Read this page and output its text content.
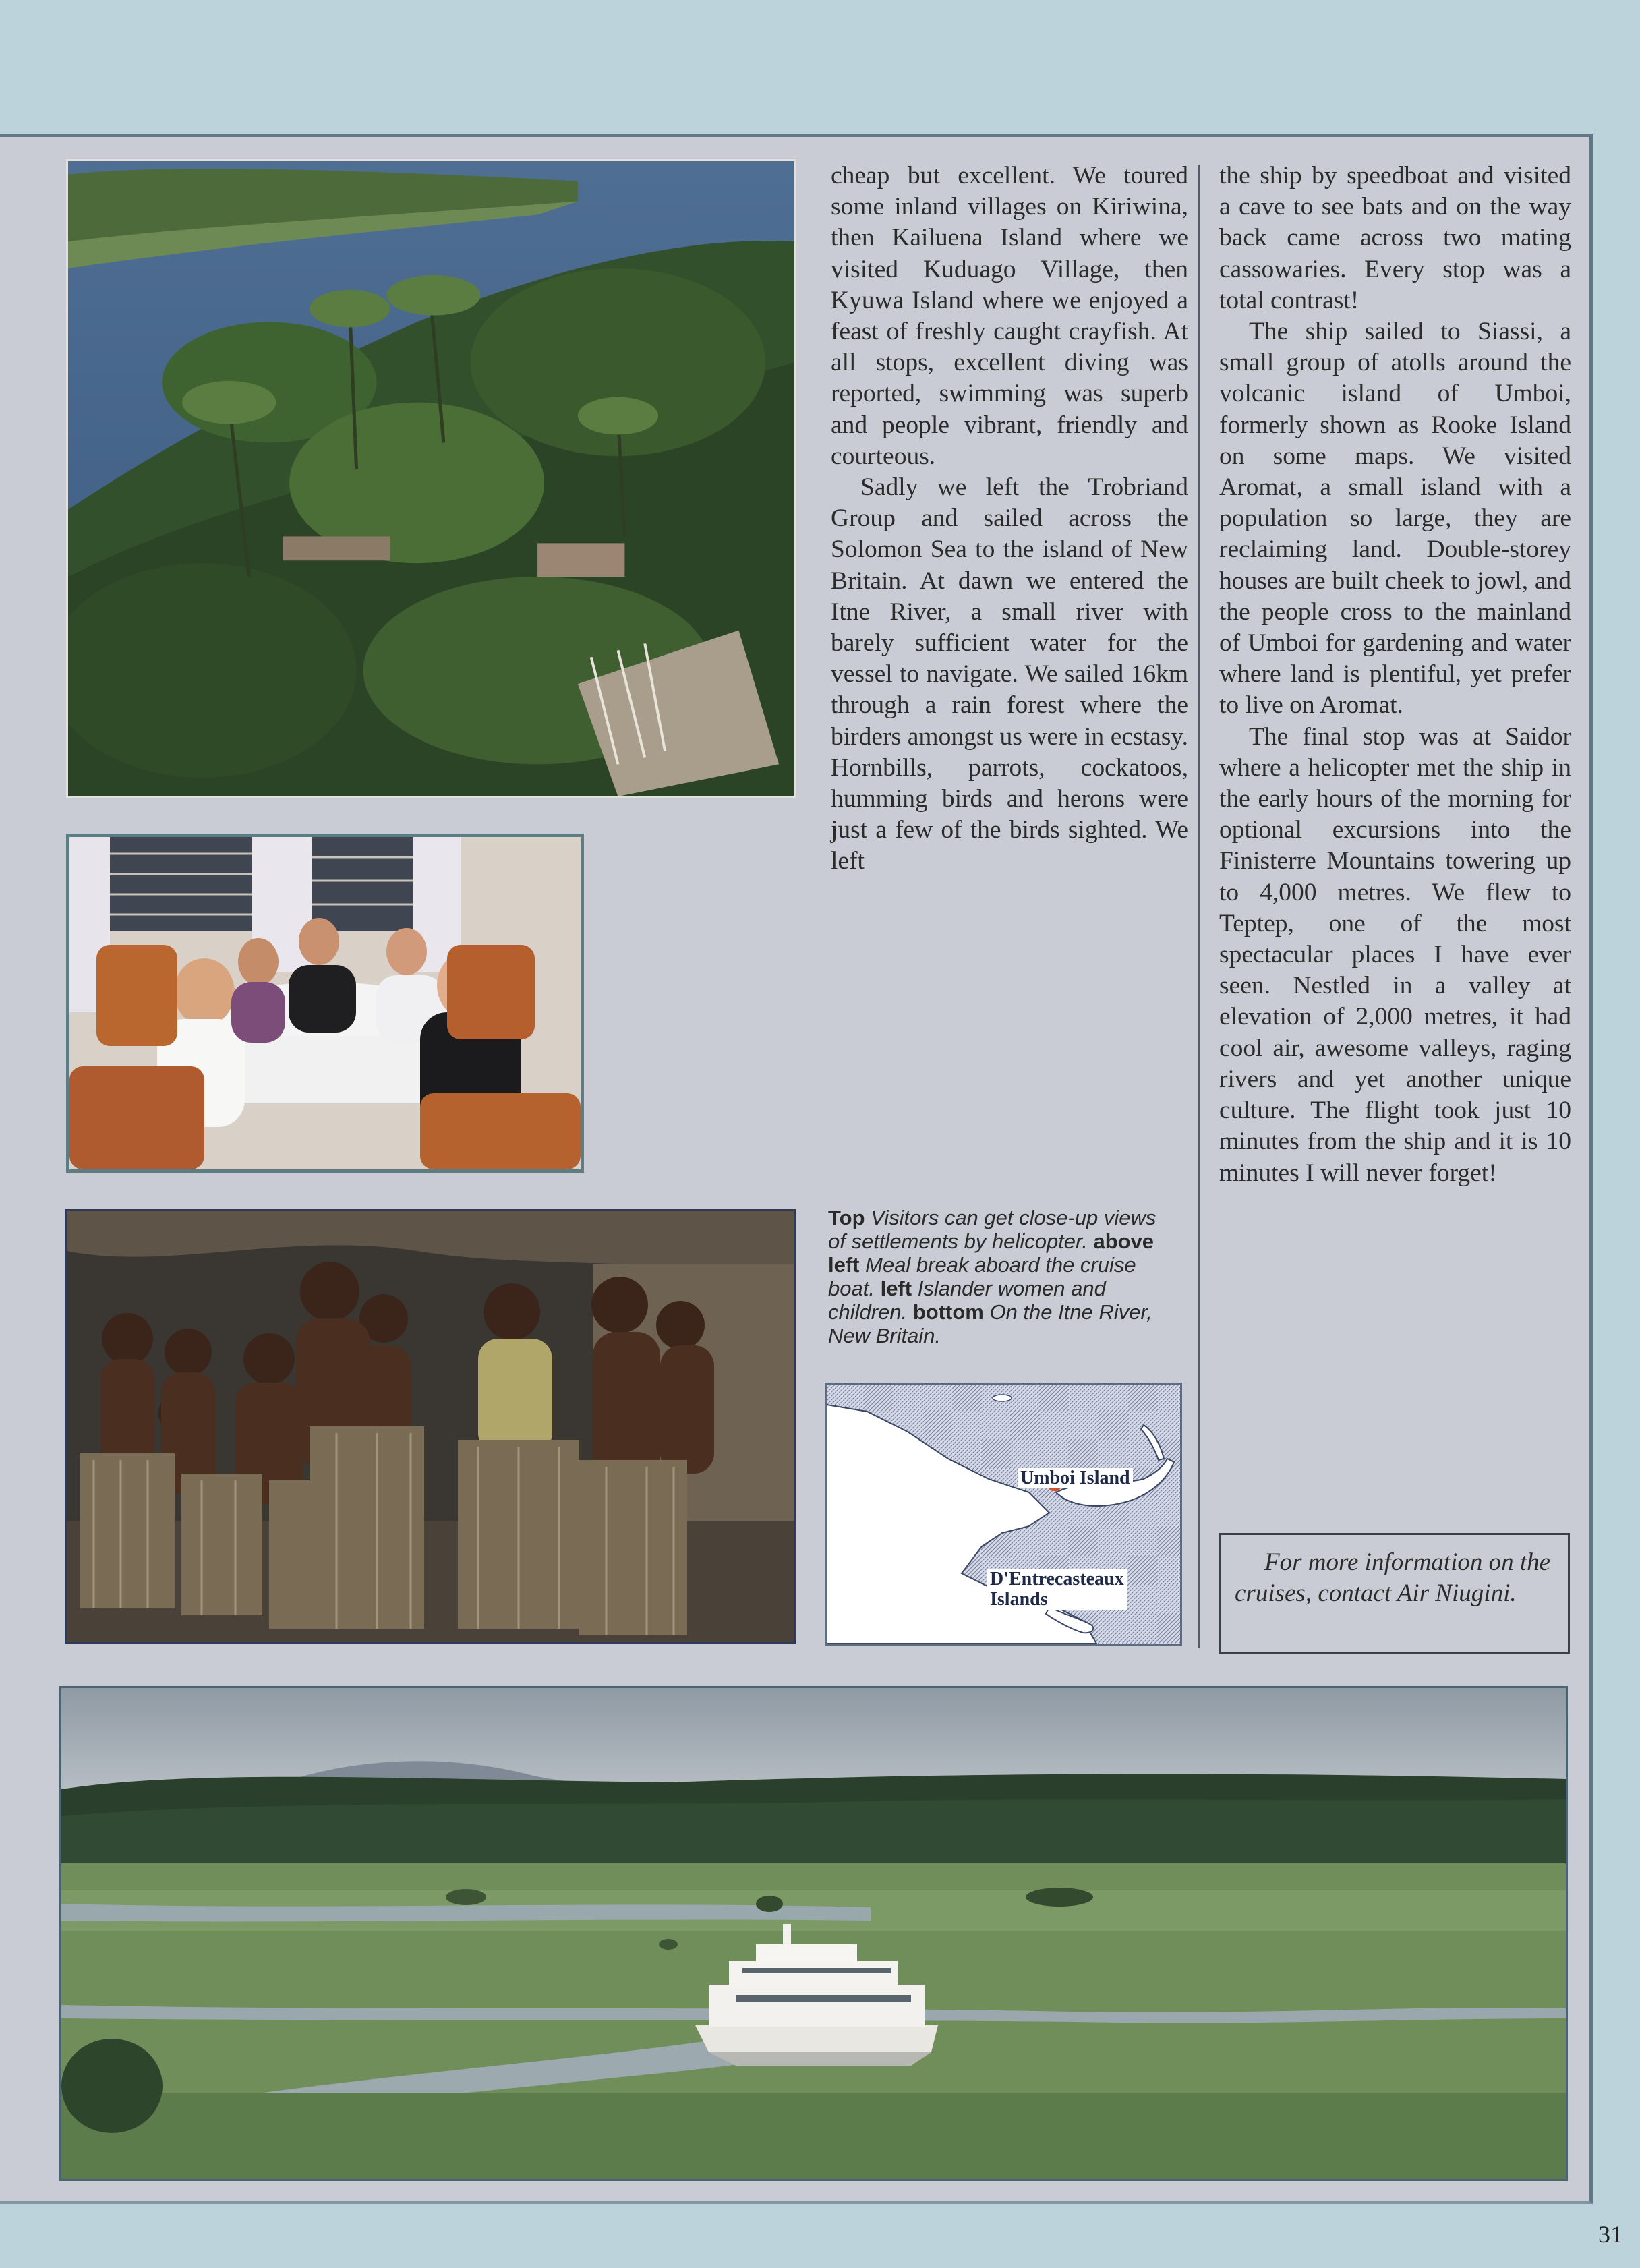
cheap but excellent. We toured some inland villages on Kiriwina, then Kailuena Island where we visited Kuduago Village, then Kyuwa Island where we enjoyed a feast of freshly caught crayfish. At all stops, excellent diving was reported, swimming was superb and people vibrant, friendly and courteous.

Sadly we left the Trobriand Group and sailed across the Solomon Sea to the island of New Britain. At dawn we entered the Itne River, a small river with barely sufficient water for the vessel to navigate. We sailed 16km through a rain forest where the birders amongst us were in ecstasy. Hornbills, parrots, cockatoos, humming birds and herons were just a few of the birds sighted. We left

the ship by speedboat and visited a cave to see bats and on the way back came across two mating cassowaries. Every stop was a total contrast!

The ship sailed to Siassi, a small group of atolls around the volcanic island of Umboi, formerly shown as Rooke Island on some maps. We visited Aromat, a small island with a population so large, they are reclaiming land. Double-storey houses are built cheek to jowl, and the people cross to the mainland of Umboi for gardening and water where land is plentiful, yet prefer to live on Aromat.

The final stop was at Saidor where a helicopter met the ship in the early hours of the morning for optional excursions into the Finisterre Mountains towering up to 4,000 metres. We flew to Teptep, one of the most spectacular places I have ever seen. Nestled in a valley at elevation of 2,000 metres, it had cool air, awesome valleys, raging rivers and yet another unique culture. The flight took just 10 minutes from the ship and it is 10 minutes I will never forget!

Top Visitors can get close-up views of settlements by helicopter. above left Meal break aboard the cruise boat. left Islander women and children. bottom On the Itne River, New Britain.
Umboi Island
D'Entrecasteaux
Islands

For more information on the cruises, contact Air Niugini.

31
